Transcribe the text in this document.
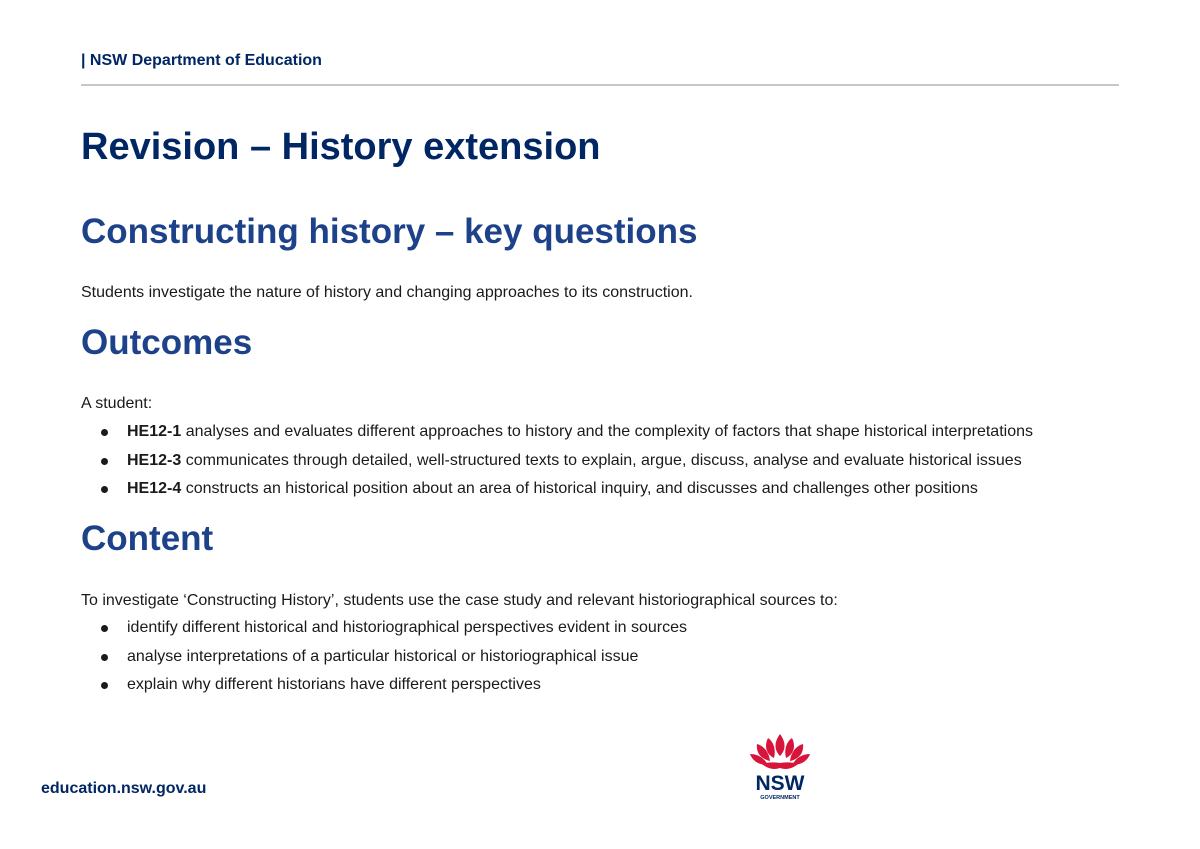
| NSW Department of Education
Revision – History extension
Constructing history – key questions

Students investigate the nature of history and changing approaches to its construction.

Outcomes

A student:

HE12-1 analyses and evaluates different approaches to history and the complexity of factors that shape historical interpretations
HE12-3 communicates through detailed, well-structured texts to explain, argue, discuss, analyse and evaluate historical issues
HE12-4 constructs an historical position about an area of historical inquiry, and discusses and challenges other positions
Content

To investigate ‘Constructing History’, students use the case study and relevant historiographical sources to:

identify different historical and historiographical perspectives evident in sources
analyse interpretations of a particular historical or historiographical issue
explain why different historians have different perspectives
education.nsw.gov.au	NSW
GOVERNMENT
